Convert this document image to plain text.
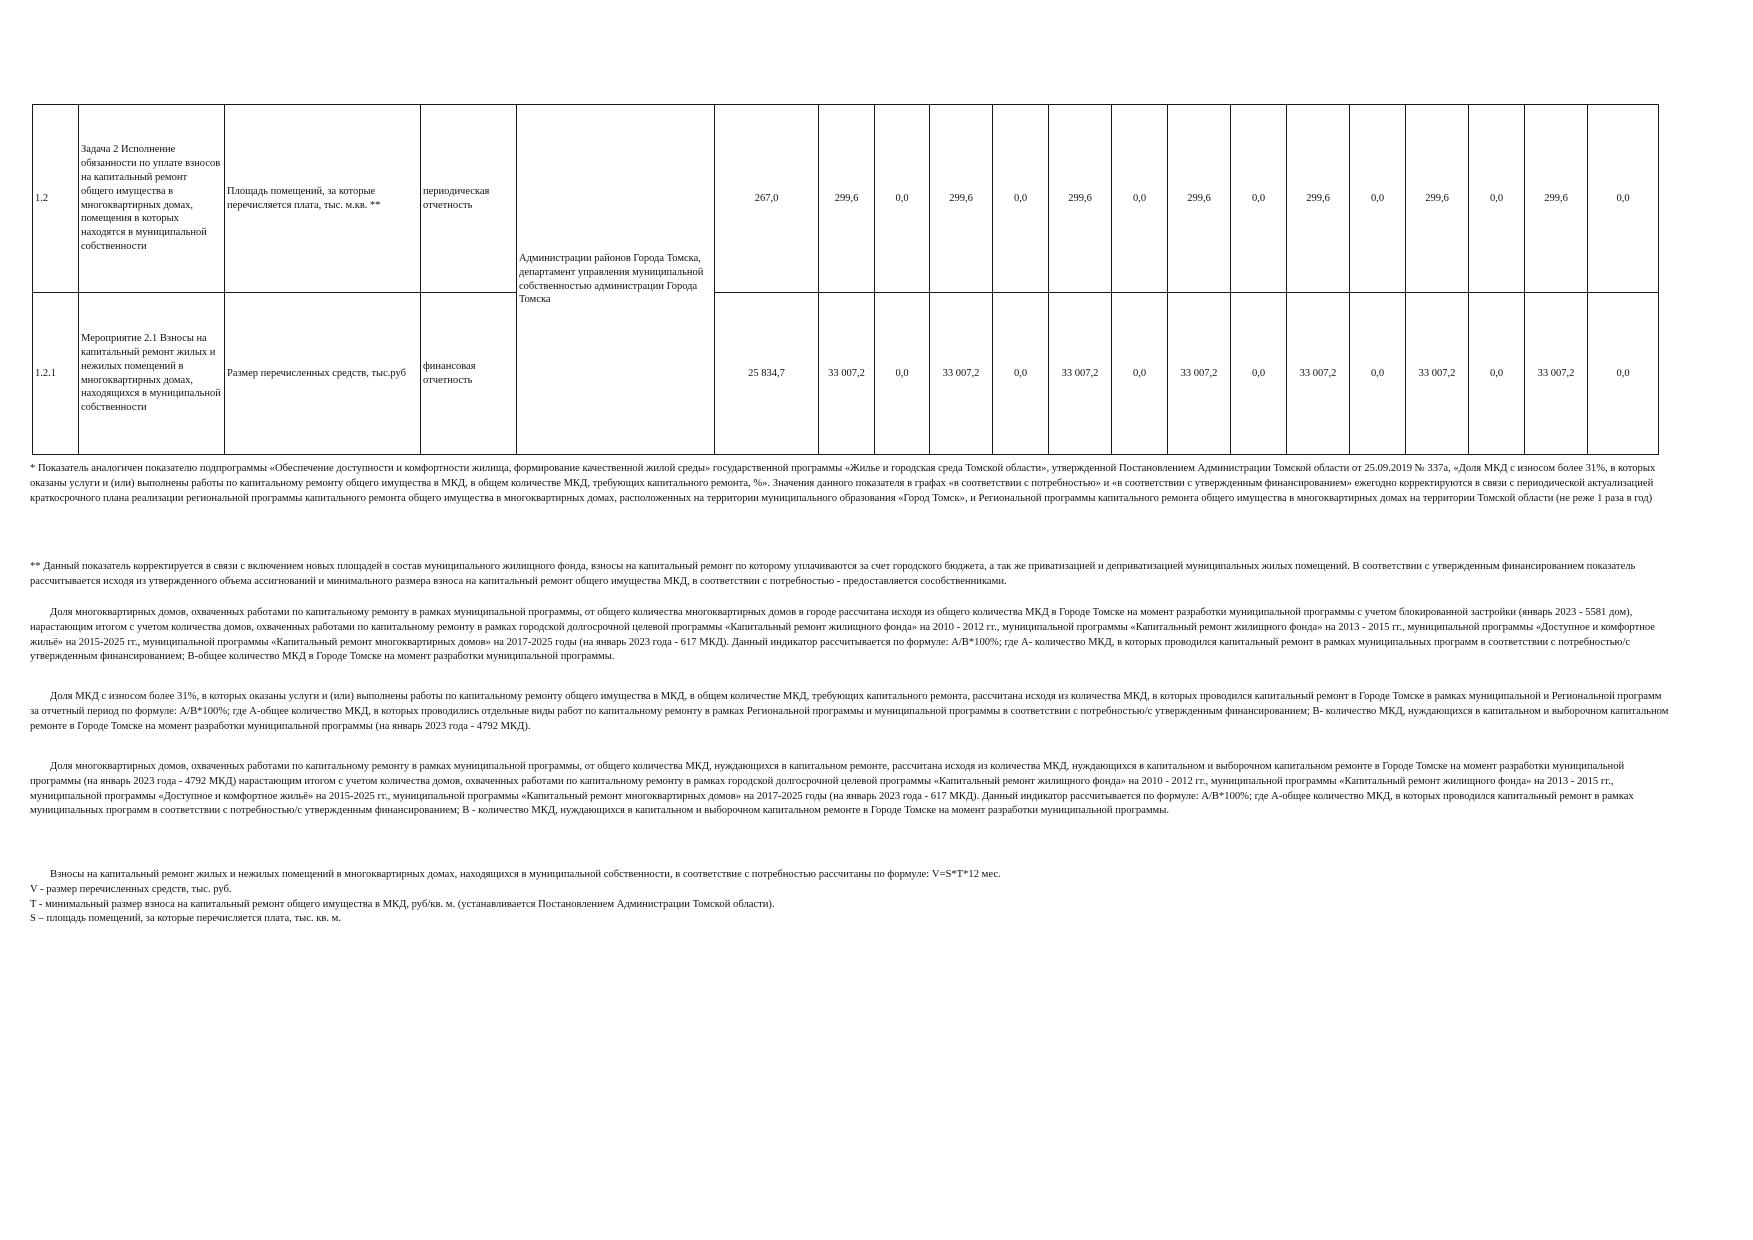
1.2	Задача 2 Исполнение обязанности по уплате взносов на капитальный ремонт общего имущества в многоквартирных домах, помещения в которых находятся в муниципальной собственности	Площадь помещений, за которые перечисляется плата, тыс. м.кв. **	периодическая отчетность	Администрации районов Города Томска, департамент управления муниципальной собственностью администрации Города Томска	267,0	299,6	0,0	299,6	0,0	299,6	0,0	299,6	0,0	299,6	0,0	299,6	0,0	299,6	0,0
1.2.1	Мероприятие 2.1 Взносы на капитальный ремонт жилых и нежилых помещений в многоквартирных домах, находящихся в муниципальной собственности	Размер перечисленных средств, тыс.руб	финансовая отчетность		25 834,7	33 007,2	0,0	33 007,2	0,0	33 007,2	0,0	33 007,2	0,0	33 007,2	0,0	33 007,2	0,0	33 007,2	0,0

* Показатель аналогичен показателю подпрограммы «Обеспечение доступности и комфортности жилища, формирование качественной жилой среды» государственной программы «Жилье и городская среда Томской области», утвержденной Постановлением Администрации Томской области от 25.09.2019 № 337а, «Доля МКД с износом более 31%, в которых оказаны услуги и (или) выполнены работы по капитальному ремонту общего имущества в МКД, в общем количестве МКД, требующих капитального ремонта, %». Значения данного показателя в графах «в соответствии с потребностью» и «в соответствии с утвержденным финансированием» ежегодно корректируются в связи с периодической актуализацией краткосрочного плана реализации региональной программы капитального ремонта общего имущества в многоквартирных домах, расположенных на территории муниципального образования «Город Томск», и Региональной программы капитального ремонта общего имущества в многоквартирных домах на территории Томской области (не реже 1 раза в год)

** Данный показатель корректируется в связи с включением новых площадей в состав муниципального жилищного фонда, взносы на капитальный ремонт по которому уплачиваются за счет городского бюджета, а так же приватизацией и деприватизацией муниципальных жилых помещений. В соответствии с утвержденным финансированием показатель рассчитывается исходя из утвержденного объема ассигнований и минимального размера взноса на капитальный ремонт общего имущества МКД, в соответствии с потребностью - предоставляется сособственниками.

Доля многоквартирных домов, охваченных работами по капитальному ремонту в рамках муниципальной программы, от общего количества многоквартирных домов в городе рассчитана исходя из общего количества МКД в Городе Томске на момент разработки муниципальной программы с учетом блокированной застройки (январь 2023 - 5581 дом), нарастающим итогом с учетом количества домов, охваченных работами по капитальному ремонту в рамках городской долгосрочной целевой программы «Капитальный ремонт жилищного фонда» на 2010 - 2012 гг., муниципальной программы «Капитальный ремонт жилищного фонда» на 2013 - 2015 гг., муниципальной программы «Доступное и комфортное жильё» на 2015-2025 гг., муниципальной программы «Капитальный ремонт многоквартирных домов» на 2017-2025 годы (на январь 2023 года - 617 МКД). Данный индикатор рассчитывается по формуле: А/В*100%; где А- количество МКД, в которых проводился капитальный ремонт в рамках муниципальных программ в соответствии с потребностью/с утвержденным финансированием; В-общее количество МКД в Городе Томске на момент разработки муниципальной программы.

Доля МКД с износом более 31%, в которых оказаны услуги и (или) выполнены работы по капитальному ремонту общего имущества в МКД, в общем количестве МКД, требующих капитального ремонта, рассчитана исходя из количества МКД, в которых проводился капитальный ремонт в Городе Томске в рамках муниципальной и Региональной программ за отчетный период по формуле: А/В*100%; где А-общее количество МКД, в которых проводились отдельные виды работ по капитальному ремонту в рамках Региональной программы и муниципальной программы в соответствии с потребностью/с утвержденным финансированием; В- количество МКД, нуждающихся в капитальном и выборочном капитальном ремонте в Городе Томске на момент разработки муниципальной программы (на январь 2023 года - 4792 МКД).

Доля многоквартирных домов, охваченных работами по капитальному ремонту в рамках муниципальной программы, от общего количества МКД, нуждающихся в капитальном ремонте, рассчитана исходя из количества МКД, нуждающихся в капитальном и выборочном капитальном ремонте в Городе Томске на момент разработки муниципальной программы (на январь 2023 года - 4792 МКД) нарастающим итогом с учетом количества домов, охваченных работами по капитальному ремонту в рамках городской долгосрочной целевой программы «Капитальный ремонт жилищного фонда» на 2010 - 2012 гг., муниципальной программы «Капитальный ремонт жилищного фонда» на 2013 - 2015 гг., муниципальной программы «Доступное и комфортное жильё» на 2015-2025 гг., муниципальной программы «Капитальный ремонт многоквартирных домов» на 2017-2025 годы (на январь 2023 года - 617 МКД). Данный индикатор рассчитывается по формуле: А/В*100%; где А-общее количество МКД, в которых проводился капитальный ремонт в рамках муниципальных программ в соответствии с потребностью/с утвержденным финансированием; В - количество МКД, нуждающихся в капитальном и выборочном капитальном ремонте в Городе Томске на момент разработки муниципальной программы.

Взносы на капитальный ремонт жилых и нежилых помещений в многоквартирных домах, находящихся в муниципальной собственности, в соответствие с потребностью рассчитаны по формуле: V=S*T*12 мес.

V - размер перечисленных средств, тыс. руб.

T - минимальный размер взноса на капитальный ремонт общего имущества в МКД, руб/кв. м. (устанавливается Постановлением Администрации Томской области).

S – площадь помещений, за которые перечисляется плата, тыс. кв. м.
